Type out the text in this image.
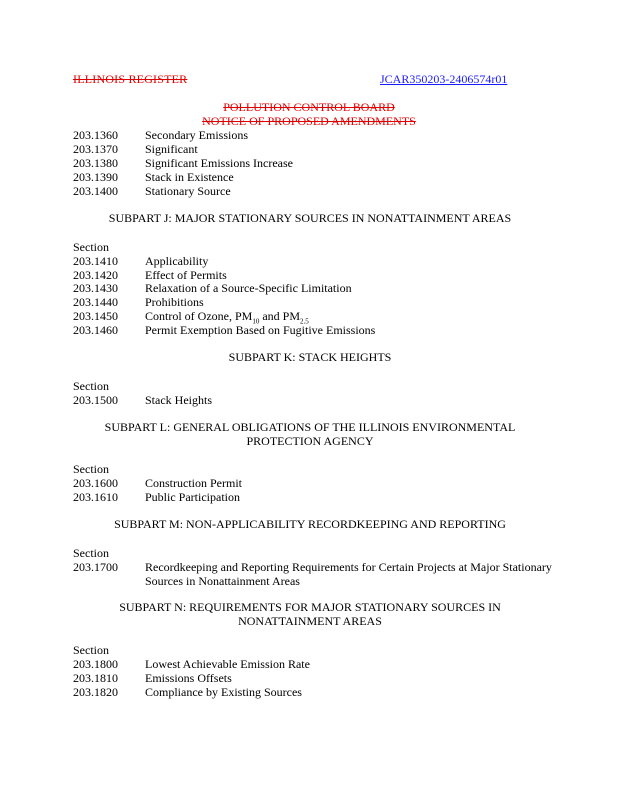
ILLINOIS REGISTER	JCAR350203-2406574r01
POLLUTION CONTROL BOARD
NOTICE OF PROPOSED AMENDMENTS
203.1360 Secondary Emissions
203.1370 Significant
203.1380 Significant Emissions Increase
203.1390 Stack in Existence
203.1400 Stationary Source
SUBPART J: MAJOR STATIONARY SOURCES IN NONATTAINMENT AREAS
Section
203.1410 Applicability
203.1420 Effect of Permits
203.1430 Relaxation of a Source-Specific Limitation
203.1440 Prohibitions
203.1450 Control of Ozone, $PM_{10}$ and $PM_{2.5}$
203.1460 Permit Exemption Based on Fugitive Emissions
SUBPART K: STACK HEIGHTS
Section
203.1500 Stack Heights
SUBPART L: GENERAL OBLIGATIONS OF THE ILLINOIS ENVIRONMENTAL PROTECTION AGENCY
Section
203.1600 Construction Permit
203.1610 Public Participation
SUBPART M: NON-APPLICABILITY RECORDKEEPING AND REPORTING
Section
203.1700 Recordkeeping and Reporting Requirements for Certain Projects at Major Stationary Sources in Nonattainment Areas
SUBPART N: REQUIREMENTS FOR MAJOR STATIONARY SOURCES IN NONATTAINMENT AREAS
Section
203.1800 Lowest Achievable Emission Rate
203.1810 Emissions Offsets
203.1820 Compliance by Existing Sources
